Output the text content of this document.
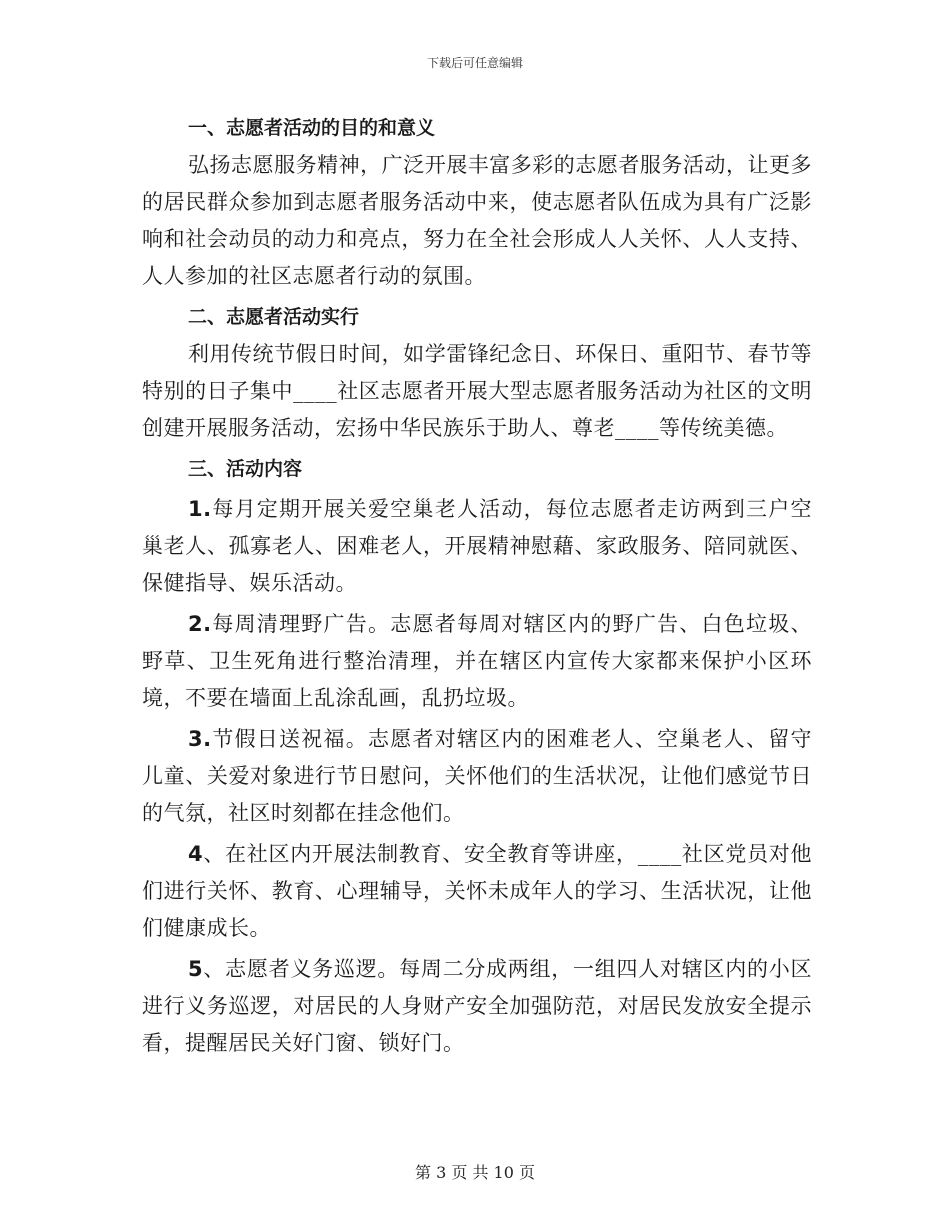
下载后可任意编辑
一、志愿者活动的目的和意义

弘扬志愿服务精神，广泛开展丰富多彩的志愿者服务活动，让更多的居民群众参加到志愿者服务活动中来，使志愿者队伍成为具有广泛影响和社会动员的动力和亮点，努力在全社会形成人人关怀、人人支持、人人参加的社区志愿者行动的氛围。

二、志愿者活动实行

利用传统节假日时间，如学雷锋纪念日、环保日、重阳节、春节等特别的日子集中____社区志愿者开展大型志愿者服务活动为社区的文明创建开展服务活动，宏扬中华民族乐于助人、尊老____等传统美德。

三、活动内容

1.每月定期开展关爱空巢老人活动，每位志愿者走访两到三户空巢老人、孤寡老人、困难老人，开展精神慰藉、家政服务、陪同就医、保健指导、娱乐活动。

2.每周清理野广告。志愿者每周对辖区内的野广告、白色垃圾、野草、卫生死角进行整治清理，并在辖区内宣传大家都来保护小区环境，不要在墙面上乱涂乱画，乱扔垃圾。

3.节假日送祝福。志愿者对辖区内的困难老人、空巢老人、留守儿童、关爱对象进行节日慰问，关怀他们的生活状况，让他们感觉节日的气氛，社区时刻都在挂念他们。

4、在社区内开展法制教育、安全教育等讲座，____社区党员对他们进行关怀、教育、心理辅导，关怀未成年人的学习、生活状况，让他们健康成长。

5、志愿者义务巡逻。每周二分成两组，一组四人对辖区内的小区进行义务巡逻，对居民的人身财产安全加强防范，对居民发放安全提示看，提醒居民关好门窗、锁好门。

第 3 页 共 10 页
